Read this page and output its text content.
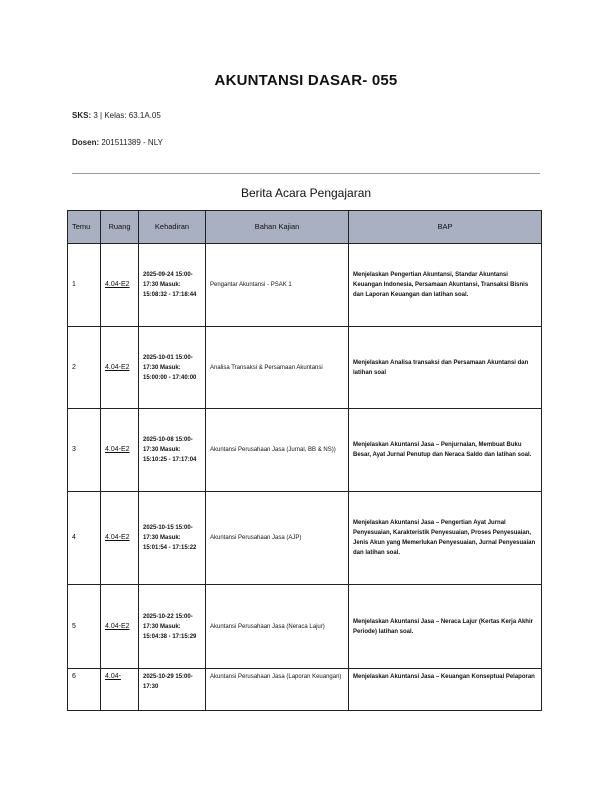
AKUNTANSI DASAR- 055
SKS: 3 | Kelas: 63.1A.05
Dosen: 201511389 - NLY
Berita Acara Pengajaran
Temu	Ruang	Kehadiran	Bahan Kajian	BAP
1	4.04-E2	2025-09-24 15:00-17:30 Masuk: 15:08:32 - 17:18:44	Pengantar Akuntansi - PSAK 1	Menjelaskan Pengertian Akuntansi, Standar Akuntansi Keuangan Indonesia, Persamaan Akuntansi, Transaksi Bisnis dan Laporan Keuangan dan latihan soal.
2	4.04-E2	2025-10-01 15:00-17:30 Masuk: 15:00:00 - 17:40:00	Analisa Transaksi & Persamaan Akuntansi	Menjelaskan Analisa transaksi dan Persamaan Akuntansi dan latihan soal
3	4.04-E2	2025-10-08 15:00-17:30 Masuk: 15:10:25 - 17:17:04	Akuntansi Perusahaan Jasa (Jurnal, BB & NS))	Menjelaskan Akuntansi Jasa – Penjurnalan, Membuat Buku Besar, Ayat Jurnal Penutup dan Neraca Saldo dan latihan soal.
4	4.04-E2	2025-10-15 15:00-17:30 Masuk: 15:01:54 - 17:15:22	Akuntansi Perusahaan Jasa (AJP)	Menjelaskan Akuntansi Jasa – Pengertian Ayat Jurnal Penyesuaian, Karakteristik Penyesuaian, Proses Penyesuaian, Jenis Akun yang Memerlukan Penyesuaian, Jurnal Penyesuaian dan latihan soal.
5	4.04-E2	2025-10-22 15:00-17:30 Masuk: 15:04:38 - 17:15:29	Akuntansi Perusahaan Jasa (Neraca Lajur)	Menjelaskan Akuntansi Jasa – Neraca Lajur (Kertas Kerja Akhir Periode) latihan soal.
6	4.04-	2025-10-29 15:00-17:30	Akuntansi Perusahaan Jasa (Laporan Keuangan)	Menjelaskan Akuntansi Jasa – Keuangan Konseptual Pelaporan
